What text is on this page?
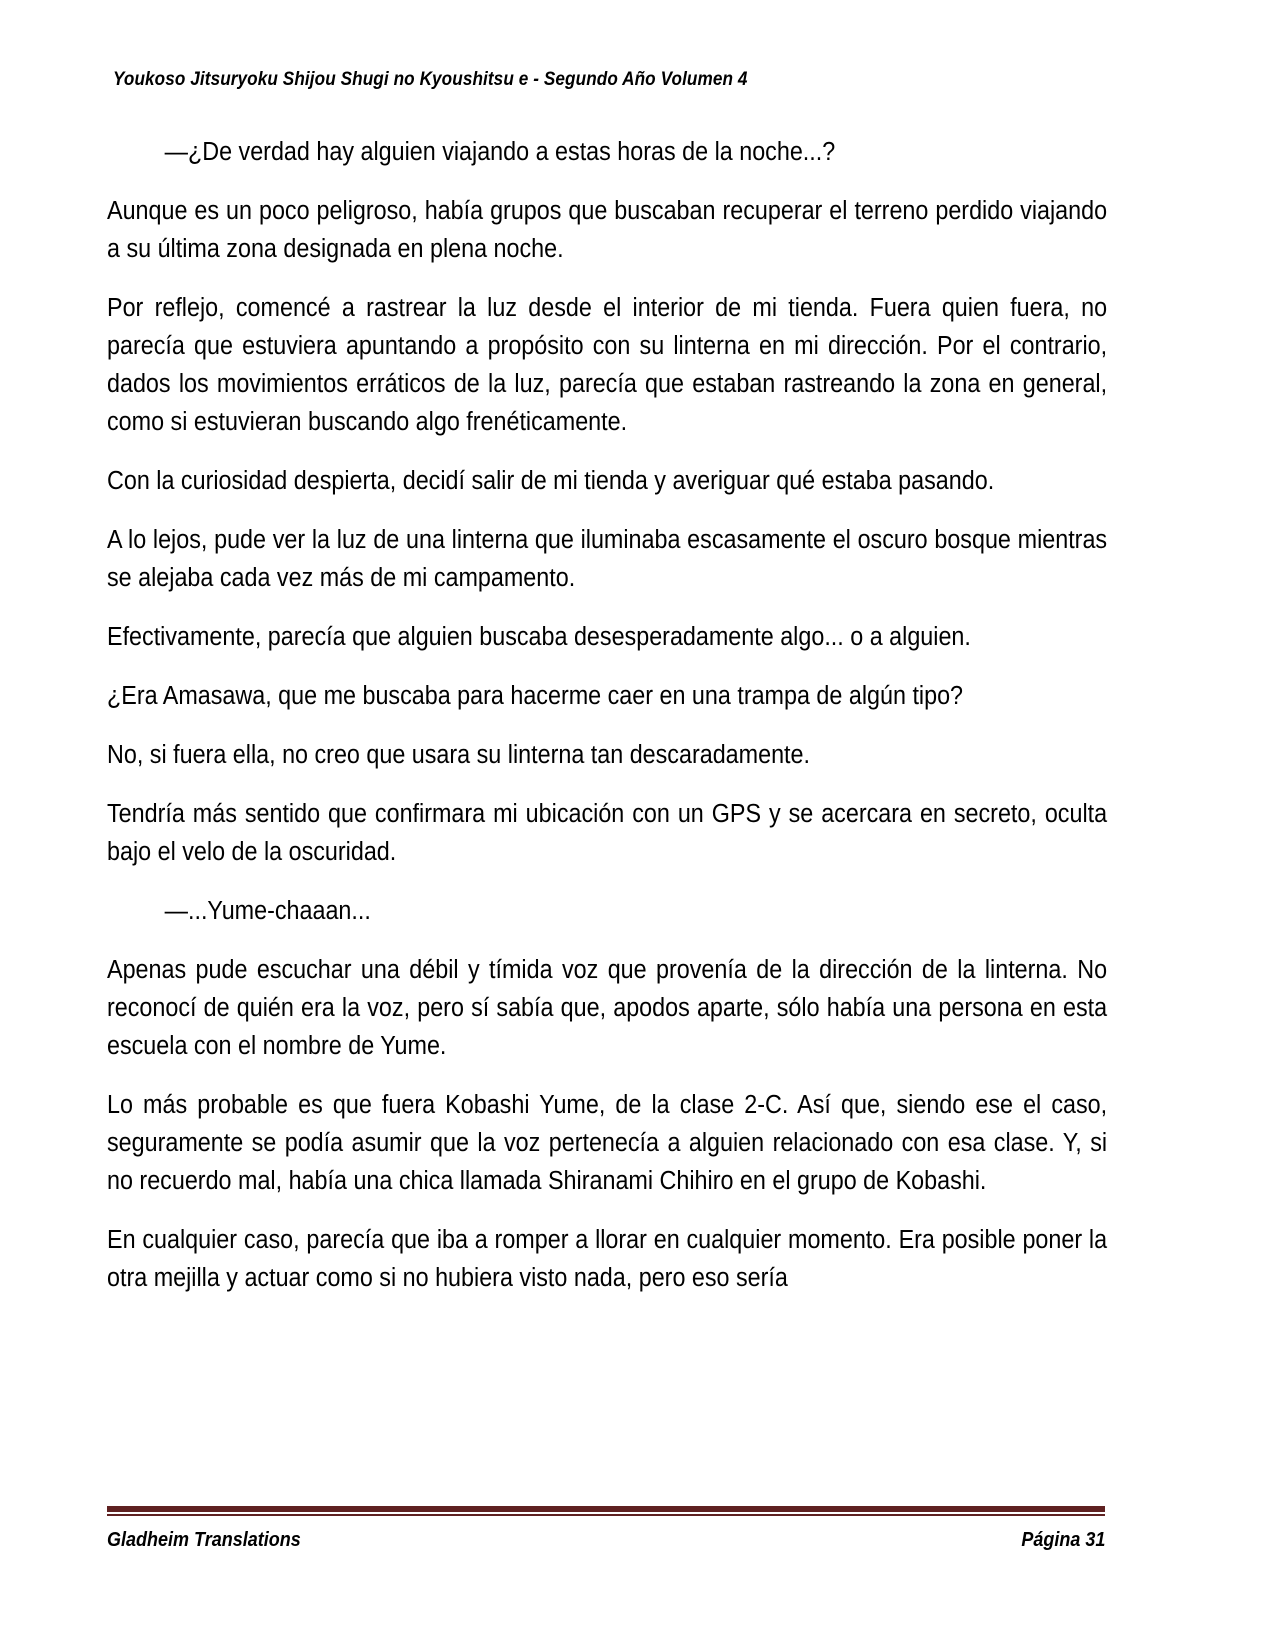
Youkoso Jitsuryoku Shijou Shugi no Kyoushitsu e - Segundo Año Volumen 4

—¿De verdad hay alguien viajando a estas horas de la noche...?

Aunque es un poco peligroso, había grupos que buscaban recuperar el terreno perdido viajando a su última zona designada en plena noche.

Por reflejo, comencé a rastrear la luz desde el interior de mi tienda. Fuera quien fuera, no parecía que estuviera apuntando a propósito con su linterna en mi dirección. Por el contrario, dados los movimientos erráticos de la luz, parecía que estaban rastreando la zona en general, como si estuvieran buscando algo frenéticamente.

Con la curiosidad despierta, decidí salir de mi tienda y averiguar qué estaba pasando.

A lo lejos, pude ver la luz de una linterna que iluminaba escasamente el oscuro bosque mientras se alejaba cada vez más de mi campamento.

Efectivamente, parecía que alguien buscaba desesperadamente algo... o a alguien.

¿Era Amasawa, que me buscaba para hacerme caer en una trampa de algún tipo?

No, si fuera ella, no creo que usara su linterna tan descaradamente.

Tendría más sentido que confirmara mi ubicación con un GPS y se acercara en secreto, oculta bajo el velo de la oscuridad.

—...Yume-chaaan...

Apenas pude escuchar una débil y tímida voz que provenía de la dirección de la linterna. No reconocí de quién era la voz, pero sí sabía que, apodos aparte, sólo había una persona en esta escuela con el nombre de Yume.

Lo más probable es que fuera Kobashi Yume, de la clase 2-C. Así que, siendo ese el caso, seguramente se podía asumir que la voz pertenecía a alguien relacionado con esa clase. Y, si no recuerdo mal, había una chica llamada Shiranami Chihiro en el grupo de Kobashi.

En cualquier caso, parecía que iba a romper a llorar en cualquier momento. Era posible poner la otra mejilla y actuar como si no hubiera visto nada, pero eso sería

Gladheim Translations	Página 31
